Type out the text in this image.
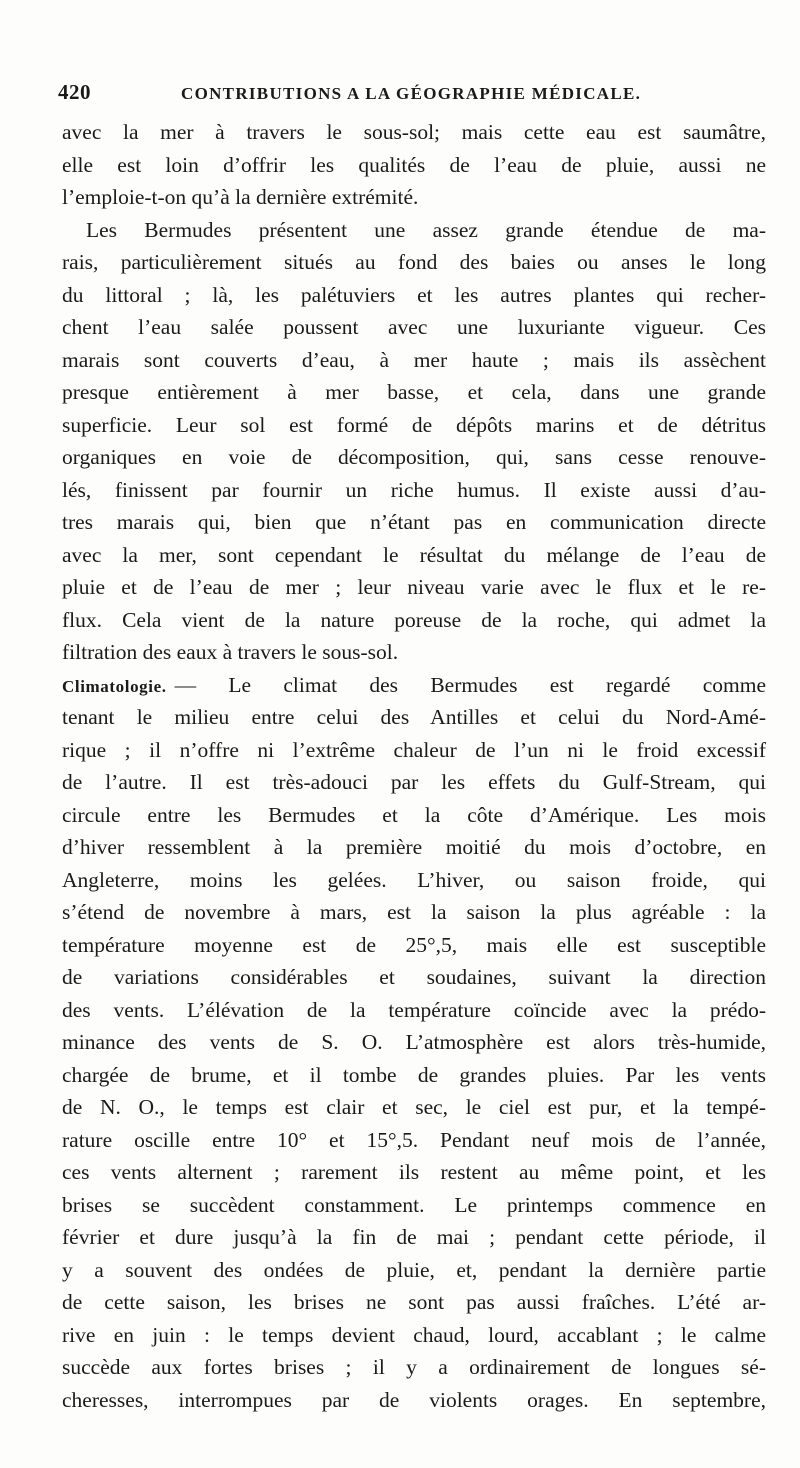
420	CONTRIBUTIONS A LA GÉOGRAPHIE MÉDICALE.
avec la mer à travers le sous-sol; mais cette eau est saumâtre,
elle est loin d’offrir les qualités de l’eau de pluie, aussi ne
l’emploie-t-on qu’à la dernière extrémité.
Les Bermudes présentent une assez grande étendue de ma-
rais, particulièrement situés au fond des baies ou anses le long
du littoral ; là, les palétuviers et les autres plantes qui recher-
chent l’eau salée poussent avec une luxuriante vigueur. Ces
marais sont couverts d’eau, à mer haute ; mais ils assèchent
presque entièrement à mer basse, et cela, dans une grande
superficie. Leur sol est formé de dépôts marins et de détritus
organiques en voie de décomposition, qui, sans cesse renouve-
lés, finissent par fournir un riche humus. Il existe aussi d’au-
tres marais qui, bien que n’étant pas en communication directe
avec la mer, sont cependant le résultat du mélange de l’eau de
pluie et de l’eau de mer ; leur niveau varie avec le flux et le re-
flux. Cela vient de la nature poreuse de la roche, qui admet la
filtration des eaux à travers le sous-sol.
Climatologie. — Le climat des Bermudes est regardé comme
tenant le milieu entre celui des Antilles et celui du Nord-Amé-
rique ; il n’offre ni l’extrême chaleur de l’un ni le froid excessif
de l’autre. Il est très-adouci par les effets du Gulf-Stream, qui
circule entre les Bermudes et la côte d’Amérique. Les mois
d’hiver ressemblent à la première moitié du mois d’octobre, en
Angleterre, moins les gelées. L’hiver, ou saison froide, qui
s’étend de novembre à mars, est la saison la plus agréable : la
température moyenne est de 25°,5, mais elle est susceptible
de variations considérables et soudaines, suivant la direction
des vents. L’élévation de la température coïncide avec la prédo-
minance des vents de S. O. L’atmosphère est alors très-humide,
chargée de brume, et il tombe de grandes pluies. Par les vents
de N. O., le temps est clair et sec, le ciel est pur, et la tempé-
rature oscille entre 10° et 15°,5. Pendant neuf mois de l’année,
ces vents alternent ; rarement ils restent au même point, et les
brises se succèdent constamment. Le printemps commence en
février et dure jusqu’à la fin de mai ; pendant cette période, il
y a souvent des ondées de pluie, et, pendant la dernière partie
de cette saison, les brises ne sont pas aussi fraîches. L’été ar-
rive en juin : le temps devient chaud, lourd, accablant ; le calme
succède aux fortes brises ; il y a ordinairement de longues sé-
cheresses, interrompues par de violents orages. En septembre,
